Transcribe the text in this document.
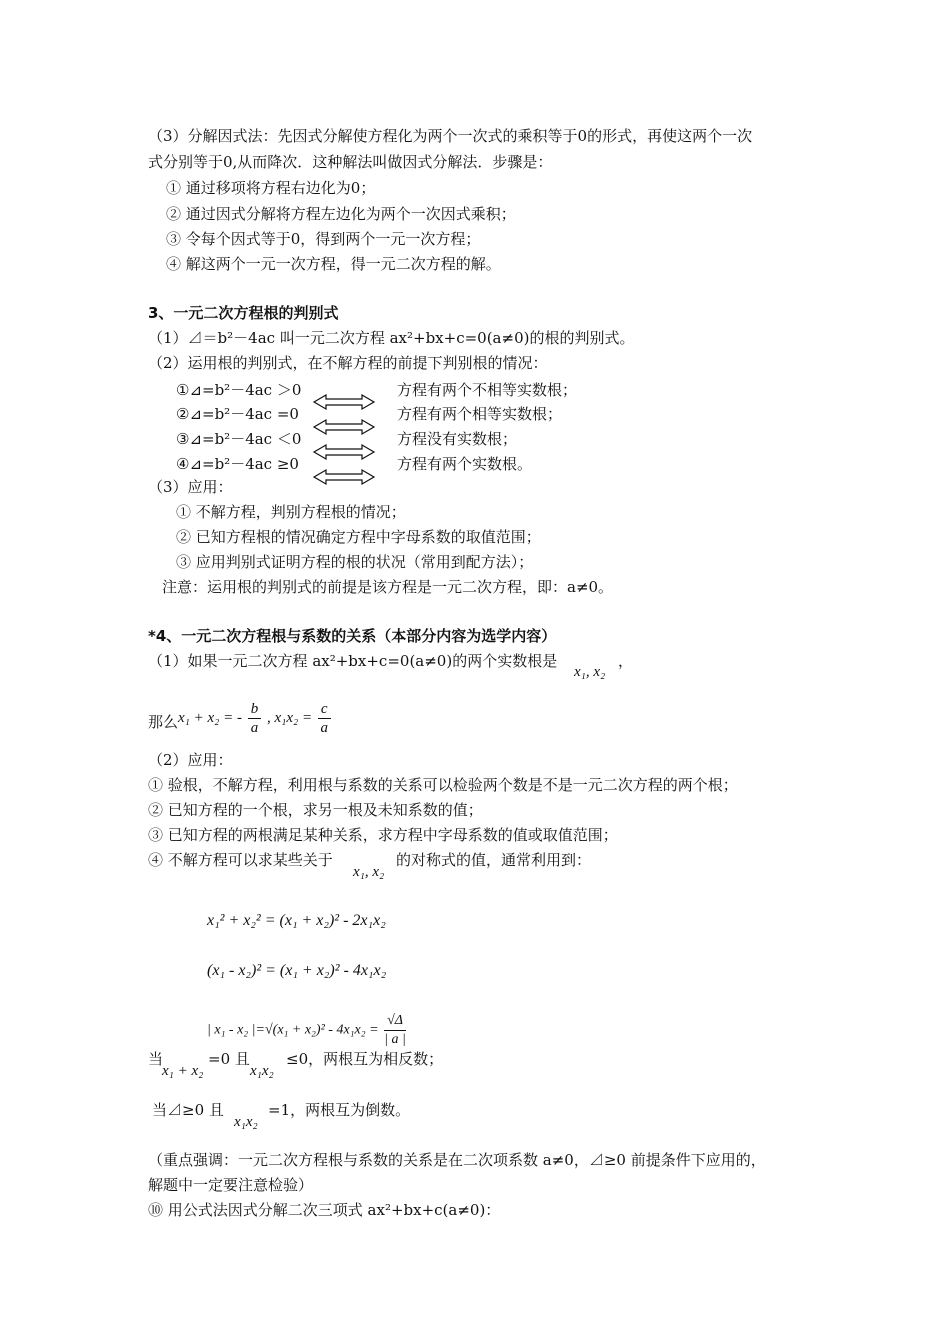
（3）分解因式法：先因式分解使方程化为两个一次式的乘积等于0的形式，再使这两个一次
式分别等于0,从而降次．这种解法叫做因式分解法．步骤是：
① 通过移项将方程右边化为0；
② 通过因式分解将方程左边化为两个一次因式乘积；
③ 令每个因式等于0，得到两个一元一次方程；
④ 解这两个一元一次方程，得一元二次方程的解。
3、一元二次方程根的判别式
（1）⊿＝b²－4ac 叫一元二次方程 ax²+bx+c=0(a≠0)的根的判别式。
（2）运用根的判别式，在不解方程的前提下判别根的情况：
①⊿=b²－4ac ＞0	方程有两个不相等实数根；
②⊿=b²－4ac =0	方程有两个相等实数根；
③⊿=b²－4ac ＜0	方程没有实数根；
④⊿=b²－4ac ≥0	方程有两个实数根。
（3）应用：
① 不解方程，判别方程根的情况；
② 已知方程根的情况确定方程中字母系数的取值范围；
③ 应用判别式证明方程的根的状况（常用到配方法）；
注意：运用根的判别式的前提是该方程是一元二次方程，即：a≠0。
*4、一元二次方程根与系数的关系（本部分内容为选学内容）
（1）如果一元二次方程 ax²+bx+c=0(a≠0)的两个实数根是
x₁, x₂
，
那么 x₁ + x₂ = - $\frac{b}{a}$ , $x_1x_2 = \frac{c}{a}$
（2）应用：
① 验根，不解方程，利用根与系数的关系可以检验两个数是不是一元二次方程的两个根；
② 已知方程的一个根，求另一根及未知系数的值；
③ 已知方程的两根满足某种关系，求方程中字母系数的值或取值范围；
④ 不解方程可以求某些关于
x₁, x₂
的对称式的值，通常利用到：
x₁² + x₂² = (x₁ + x₂)² - 2x₁x₂
(x₁ - x₂)² = (x₁ + x₂)² - 4x₁x₂
| x₁ - x₂ $|=√(x_1 + x_2)^2 - 4x_1x_2 = \frac{√\Delta}{| a |}$
当
x₁ + x₂
=0 且
x₁x₂
≤0，两根互为相反数；
当⊿≥0 且
x₁x₂
=1，两根互为倒数。
（重点强调：一元二次方程根与系数的关系是在二次项系数 a≠0，⊿≥0 前提条件下应用的，
解题中一定要注意检验）
⑩ 用公式法因式分解二次三项式 ax²+bx+c(a≠0)：
